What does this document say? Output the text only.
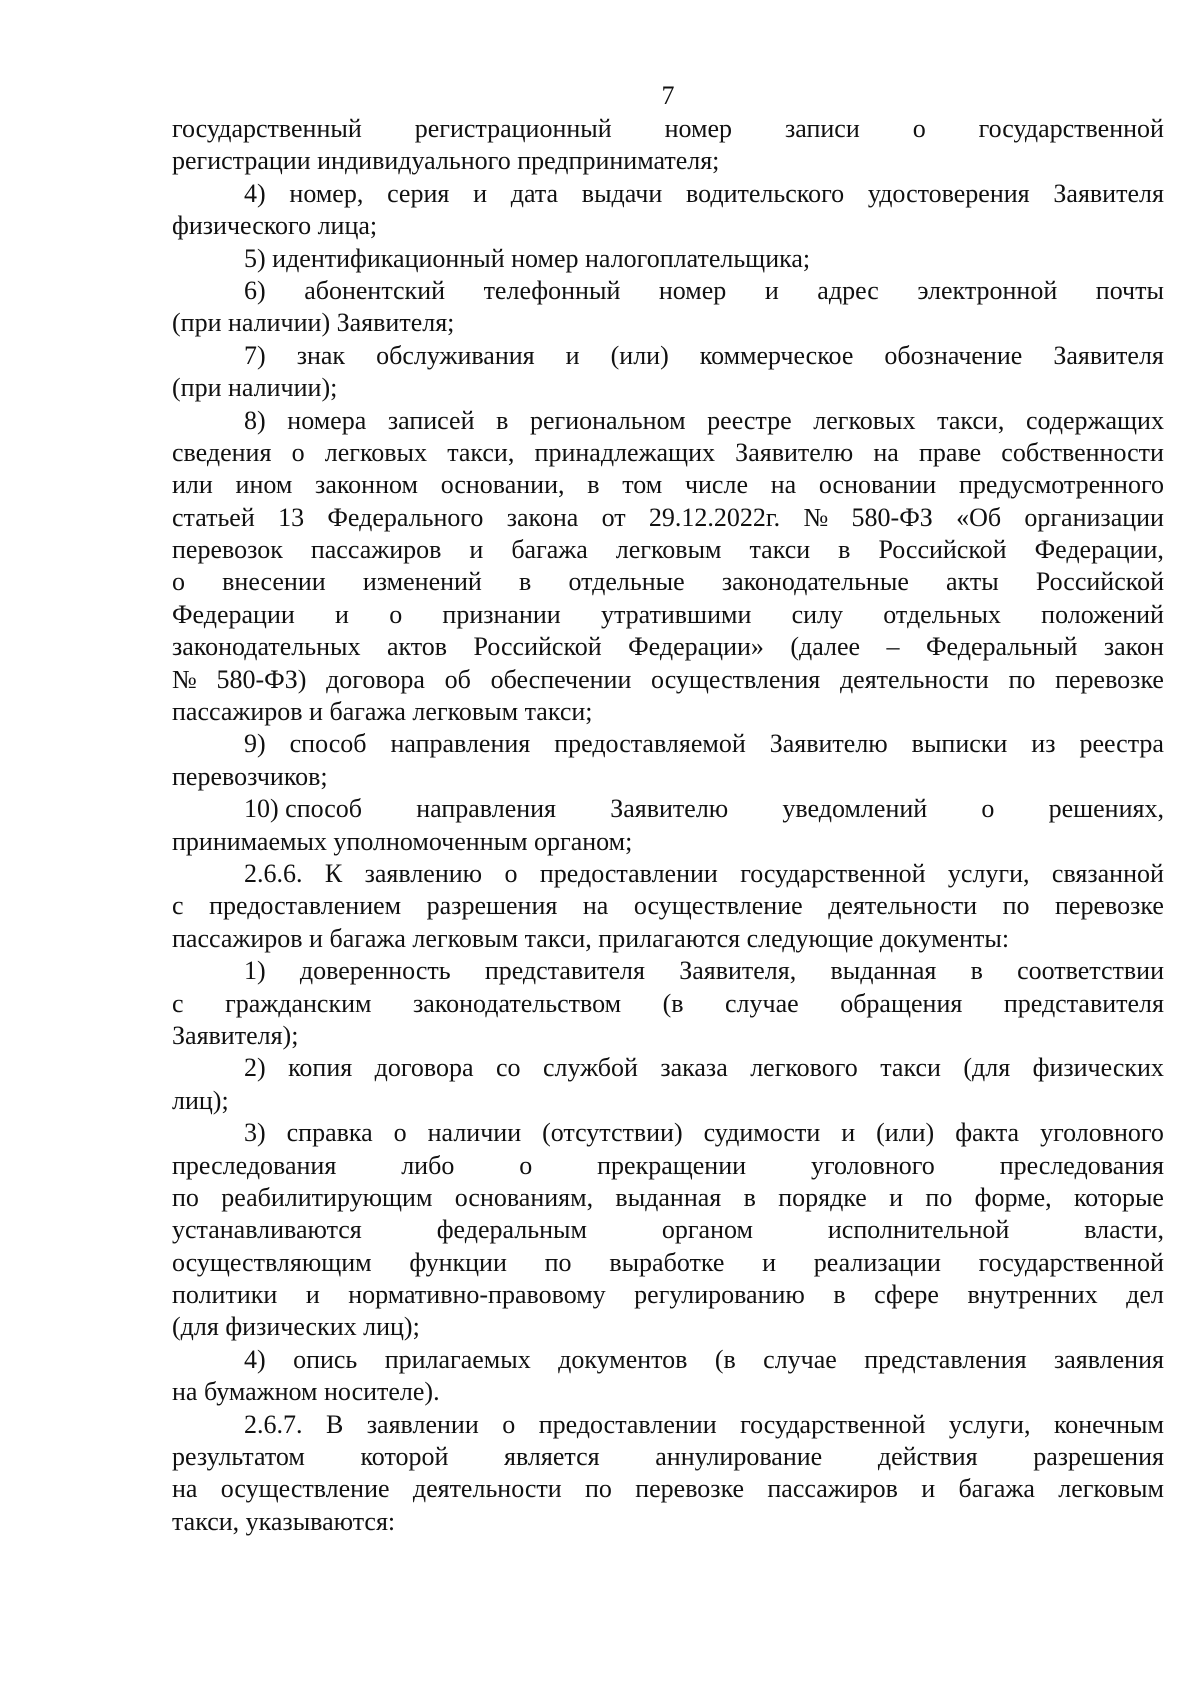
7
государственный регистрационный номер записи о государственной
регистрации индивидуального предпринимателя;
4) номер, серия и дата выдачи водительского удостоверения Заявителя
физического лица;
5) идентификационный номер налогоплательщика;
6) абонентский телефонный номер и адрес электронной почты
(при наличии) Заявителя;
7) знак обслуживания и (или) коммерческое обозначение Заявителя
(при наличии);
8) номера записей в региональном реестре легковых такси, содержащих
сведения о легковых такси, принадлежащих Заявителю на праве собственности
или ином законном основании, в том числе на основании предусмотренного
статьей 13 Федерального закона от 29.12.2022г. № 580-ФЗ «Об организации
перевозок пассажиров и багажа легковым такси в Российской Федерации,
о внесении изменений в отдельные законодательные акты Российской
Федерации и о признании утратившими силу отдельных положений
законодательных актов Российской Федерации» (далее – Федеральный закон
№ 580-ФЗ) договора об обеспечении осуществления деятельности по перевозке
пассажиров и багажа легковым такси;
9) способ направления предоставляемой Заявителю выписки из реестра
перевозчиков;
10) способ направления Заявителю уведомлений о решениях,
принимаемых уполномоченным органом;
2.6.6. К заявлению о предоставлении государственной услуги, связанной
с предоставлением разрешения на осуществление деятельности по перевозке
пассажиров и багажа легковым такси, прилагаются следующие документы:
1) доверенность представителя Заявителя, выданная в соответствии
с гражданским законодательством (в случае обращения представителя
Заявителя);
2) копия договора со службой заказа легкового такси (для физических
лиц);
3) справка о наличии (отсутствии) судимости и (или) факта уголовного
преследования либо о прекращении уголовного преследования
по реабилитирующим основаниям, выданная в порядке и по форме, которые
устанавливаются	федеральным	органом	исполнительной	власти,
осуществляющим функции по выработке и реализации государственной
политики и нормативно-правовому регулированию в сфере внутренних дел
(для физических лиц);
4) опись прилагаемых документов (в случае представления заявления
на бумажном носителе).
2.6.7. В заявлении о предоставлении государственной услуги, конечным
результатом которой является аннулирование действия разрешения
на осуществление деятельности по перевозке пассажиров и багажа легковым
такси, указываются:
